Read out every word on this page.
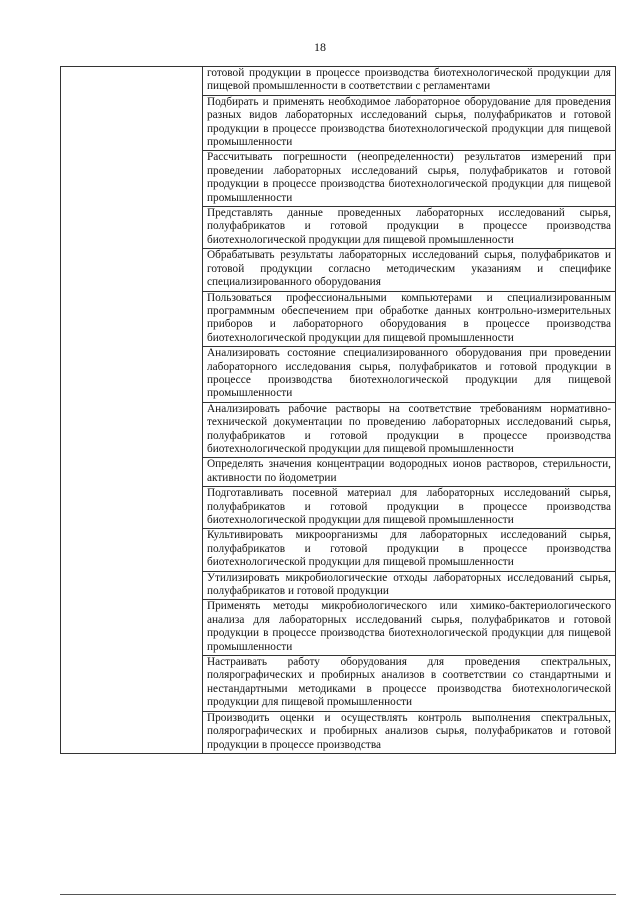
18
	готовой продукции в процессе производства биотехнологической продукции для пищевой промышленности в соответствии с регламентами
Подбирать и применять необходимое лабораторное оборудование для проведения разных видов лабораторных исследований сырья, полуфабрикатов и готовой продукции в процессе производства биотехнологической продукции для пищевой промышленности
Рассчитывать погрешности (неопределенности) результатов измерений при проведении лабораторных исследований сырья, полуфабрикатов и готовой продукции в процессе производства биотехнологической продукции для пищевой промышленности
Представлять данные проведенных лабораторных исследований сырья, полуфабрикатов и готовой продукции в процессе производства биотехнологической продукции для пищевой промышленности
Обрабатывать результаты лабораторных исследований сырья, полуфабрикатов и готовой продукции согласно методическим указаниям и специфике специализированного оборудования
Пользоваться профессиональными компьютерами и специализированным программным обеспечением при обработке данных контрольно-измерительных приборов и лабораторного оборудования в процессе производства биотехнологической продукции для пищевой промышленности
Анализировать состояние специализированного оборудования при проведении лабораторного исследования сырья, полуфабрикатов и готовой продукции в процессе производства биотехнологической продукции для пищевой промышленности
Анализировать рабочие растворы на соответствие требованиям нормативно-технической документации по проведению лабораторных исследований сырья, полуфабрикатов и готовой продукции в процессе производства биотехнологической продукции для пищевой промышленности
Определять значения концентрации водородных ионов растворов, стерильности, активности по йодометрии
Подготавливать посевной материал для лабораторных исследований сырья, полуфабрикатов и готовой продукции в процессе производства биотехнологической продукции для пищевой промышленности
Культивировать микроорганизмы для лабораторных исследований сырья, полуфабрикатов и готовой продукции в процессе производства биотехнологической продукции для пищевой промышленности
Утилизировать микробиологические отходы лабораторных исследований сырья, полуфабрикатов и готовой продукции
Применять методы микробиологического или химико-бактериологического анализа для лабораторных исследований сырья, полуфабрикатов и готовой продукции в процессе производства биотехнологической продукции для пищевой промышленности
Настраивать работу оборудования для проведения спектральных, полярографических и пробирных анализов в соответствии со стандартными и нестандартными методиками в процессе производства биотехнологической продукции для пищевой промышленности
Производить оценки и осуществлять контроль выполнения спектральных, полярографических и пробирных анализов сырья, полуфабрикатов и готовой продукции в процессе производства
